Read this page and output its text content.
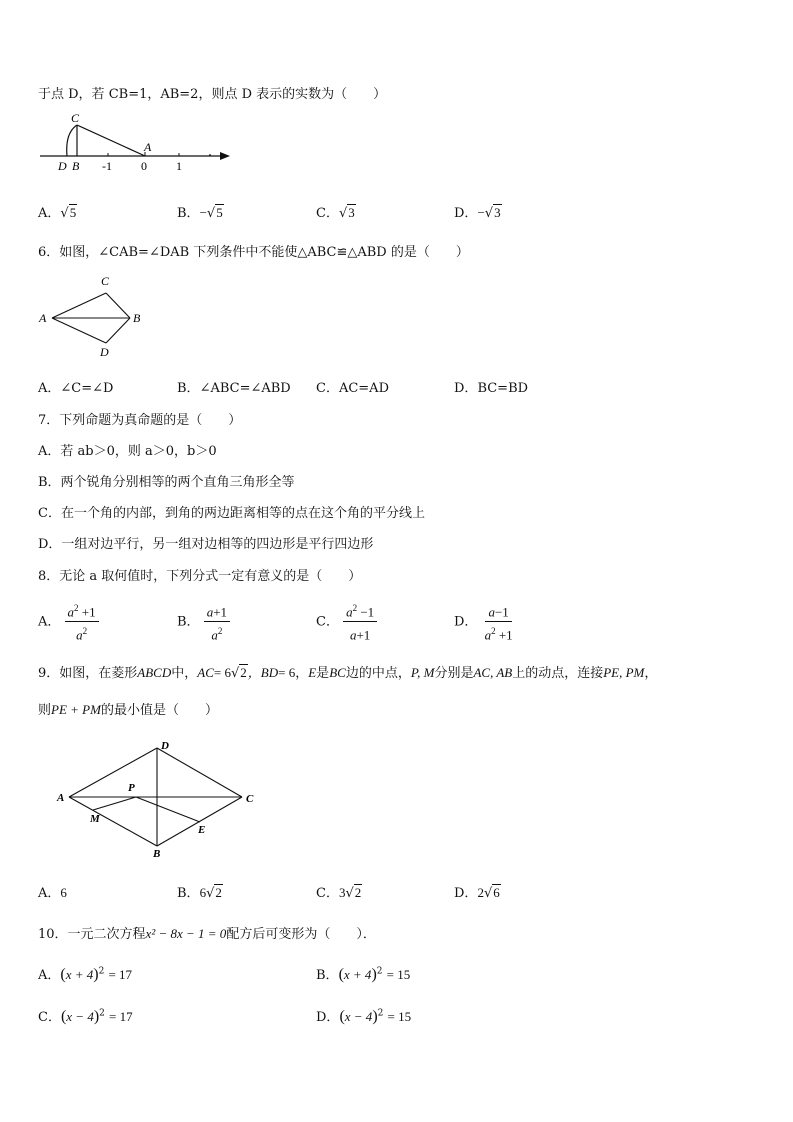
于点 D，若 CB=1，AB=2，则点 D 表示的实数为（　　）
C
A
D B -1 0 1
A．√5	B．−√5	C．√3	D．−√3
6．如图，∠CAB=∠DAB 下列条件中不能使△ABC≌△ABD 的是（　　）
C
A	B
D
A．∠C=∠D	B．∠ABC=∠ABD C．AC=AD	D．BC=BD
7．下列命题为真命题的是（　　）
A．若 ab＞0，则 a＞0，b＞0
B．两个锐角分别相等的两个直角三角形全等
C．在一个角的内部，到角的两边距离相等的点在这个角的平分线上
D．一组对边平行，另一组对边相等的四边形是平行四边形
8．无论 a 取何值时，下列分式一定有意义的是（　　）
A． $\frac{a^2 +1}{a^2}$	B． $\frac{a+1}{a^2}$	C． $\frac{a^2 -1}{a+1}$	D． $\frac{a-1}{a^2 +1}$
9．如图，在菱形ABCD中，AC= 6√2，BD= 6，E是BC边的中点，P, M分别是AC, AB上的动点，连接PE, PM，
则PE + PM的最小值是（　　）
D
A	C
B
P
M
E
A．6	B．6√2	C．3√2	D．2√6
10．一元二次方程x² − 8x − 1 = 0配方后可变形为（　　）．
A．$(x + 4)^2 = 17$	B．$(x + 4)^2 = 15$
C．$(x - 4)^2 = 17$	D．$(x - 4)^2 = 15$
